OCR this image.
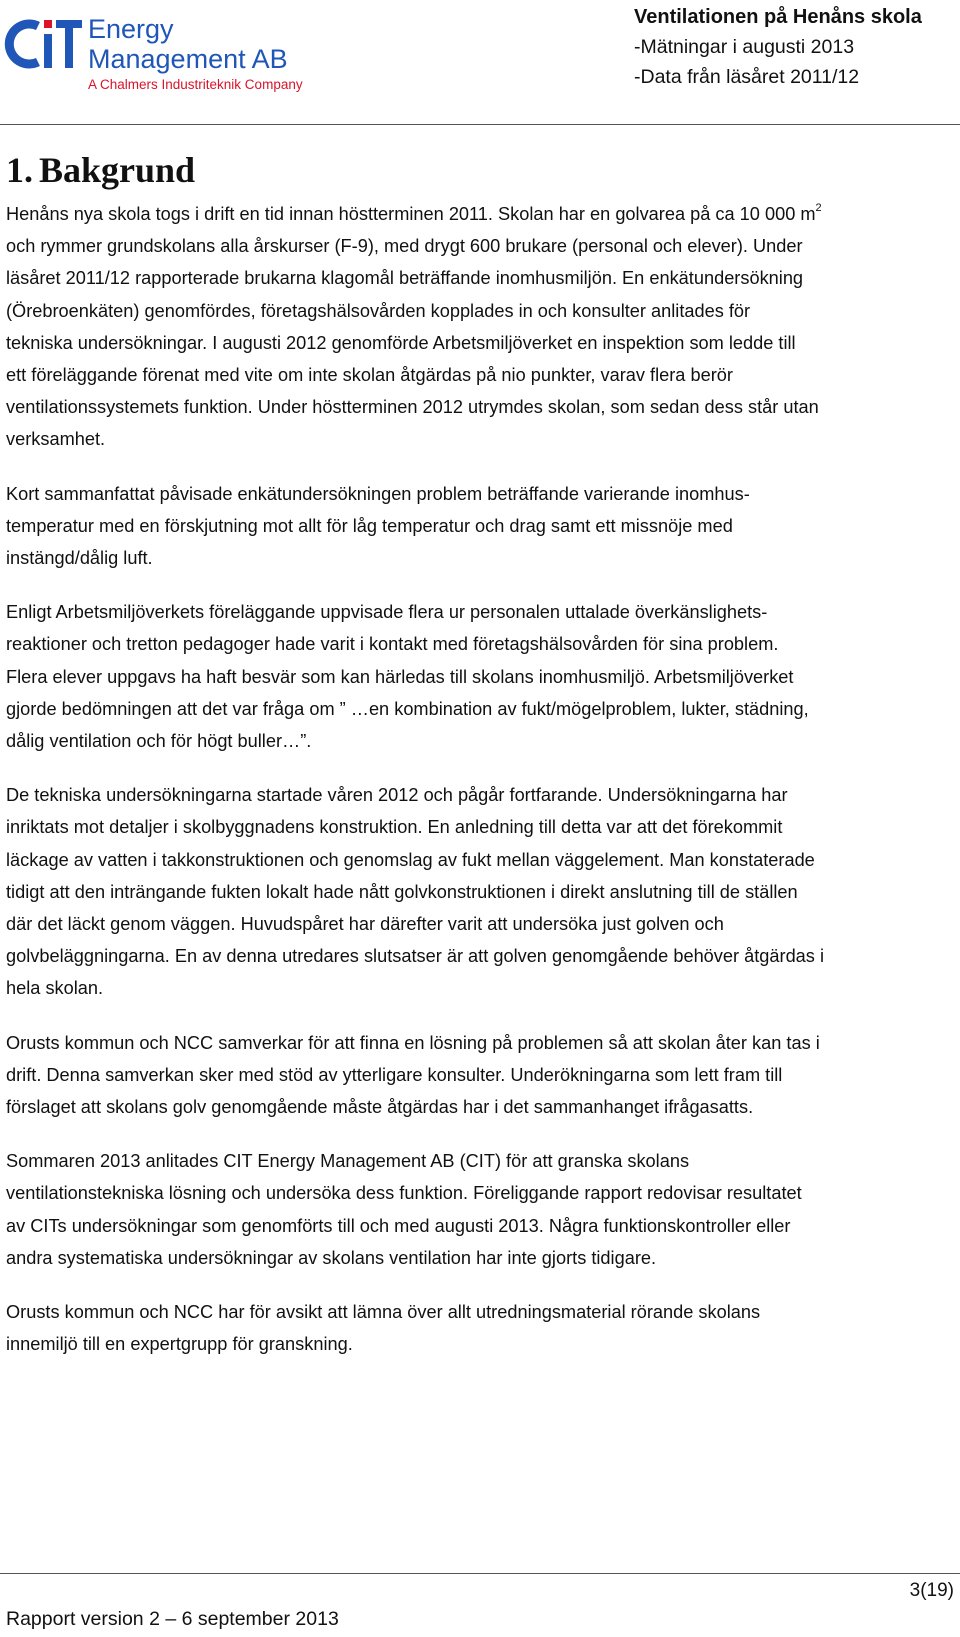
Energy
Management AB
A Chalmers Industriteknik Company
Ventilationen på Henåns skola
-Mätningar i augusti 2013
-Data från läsåret 2011/12
1. Bakgrund

Henåns nya skola togs i drift en tid innan höstterminen 2011. Skolan har en golvarea på ca 10 000 $m^2$
och rymmer grundskolans alla årskurser (F-9), med drygt 600 brukare (personal och elever). Under
läsåret 2011/12 rapporterade brukarna klagomål beträffande inomhusmiljön. En enkätundersökning
(Örebroenkäten) genomfördes, företagshälsovården kopplades in och konsulter anlitades för
tekniska undersökningar. I augusti 2012 genomförde Arbetsmiljöverket en inspektion som ledde till
ett föreläggande förenat med vite om inte skolan åtgärdas på nio punkter, varav flera berör
ventilationssystemets funktion. Under höstterminen 2012 utrymdes skolan, som sedan dess står utan
verksamhet.

Kort sammanfattat påvisade enkätundersökningen problem beträffande varierande inomhus-
temperatur med en förskjutning mot allt för låg temperatur och drag samt ett missnöje med
instängd/dålig luft.

Enligt Arbetsmiljöverkets föreläggande uppvisade flera ur personalen uttalade överkänslighets-
reaktioner och tretton pedagoger hade varit i kontakt med företagshälsovården för sina problem.
Flera elever uppgavs ha haft besvär som kan härledas till skolans inomhusmiljö. Arbetsmiljöverket
gjorde bedömningen att det var fråga om ” …en kombination av fukt/mögelproblem, lukter, städning,
dålig ventilation och för högt buller…”.

De tekniska undersökningarna startade våren 2012 och pågår fortfarande. Undersökningarna har
inriktats mot detaljer i skolbyggnadens konstruktion. En anledning till detta var att det förekommit
läckage av vatten i takkonstruktionen och genomslag av fukt mellan väggelement. Man konstaterade
tidigt att den inträngande fukten lokalt hade nått golvkonstruktionen i direkt anslutning till de ställen
där det läckt genom väggen. Huvudspåret har därefter varit att undersöka just golven och
golvbeläggningarna. En av denna utredares slutsatser är att golven genomgående behöver åtgärdas i
hela skolan.

Orusts kommun och NCC samverkar för att finna en lösning på problemen så att skolan åter kan tas i
drift. Denna samverkan sker med stöd av ytterligare konsulter. Underökningarna som lett fram till
förslaget att skolans golv genomgående måste åtgärdas har i det sammanhanget ifrågasatts.

Sommaren 2013 anlitades CIT Energy Management AB (CIT) för att granska skolans
ventilationstekniska lösning och undersöka dess funktion. Föreliggande rapport redovisar resultatet
av CITs undersökningar som genomförts till och med augusti 2013. Några funktionskontroller eller
andra systematiska undersökningar av skolans ventilation har inte gjorts tidigare.

Orusts kommun och NCC har för avsikt att lämna över allt utredningsmaterial rörande skolans
innemiljö till en expertgrupp för granskning.

3(19)
Rapport version 2 – 6 september 2013
